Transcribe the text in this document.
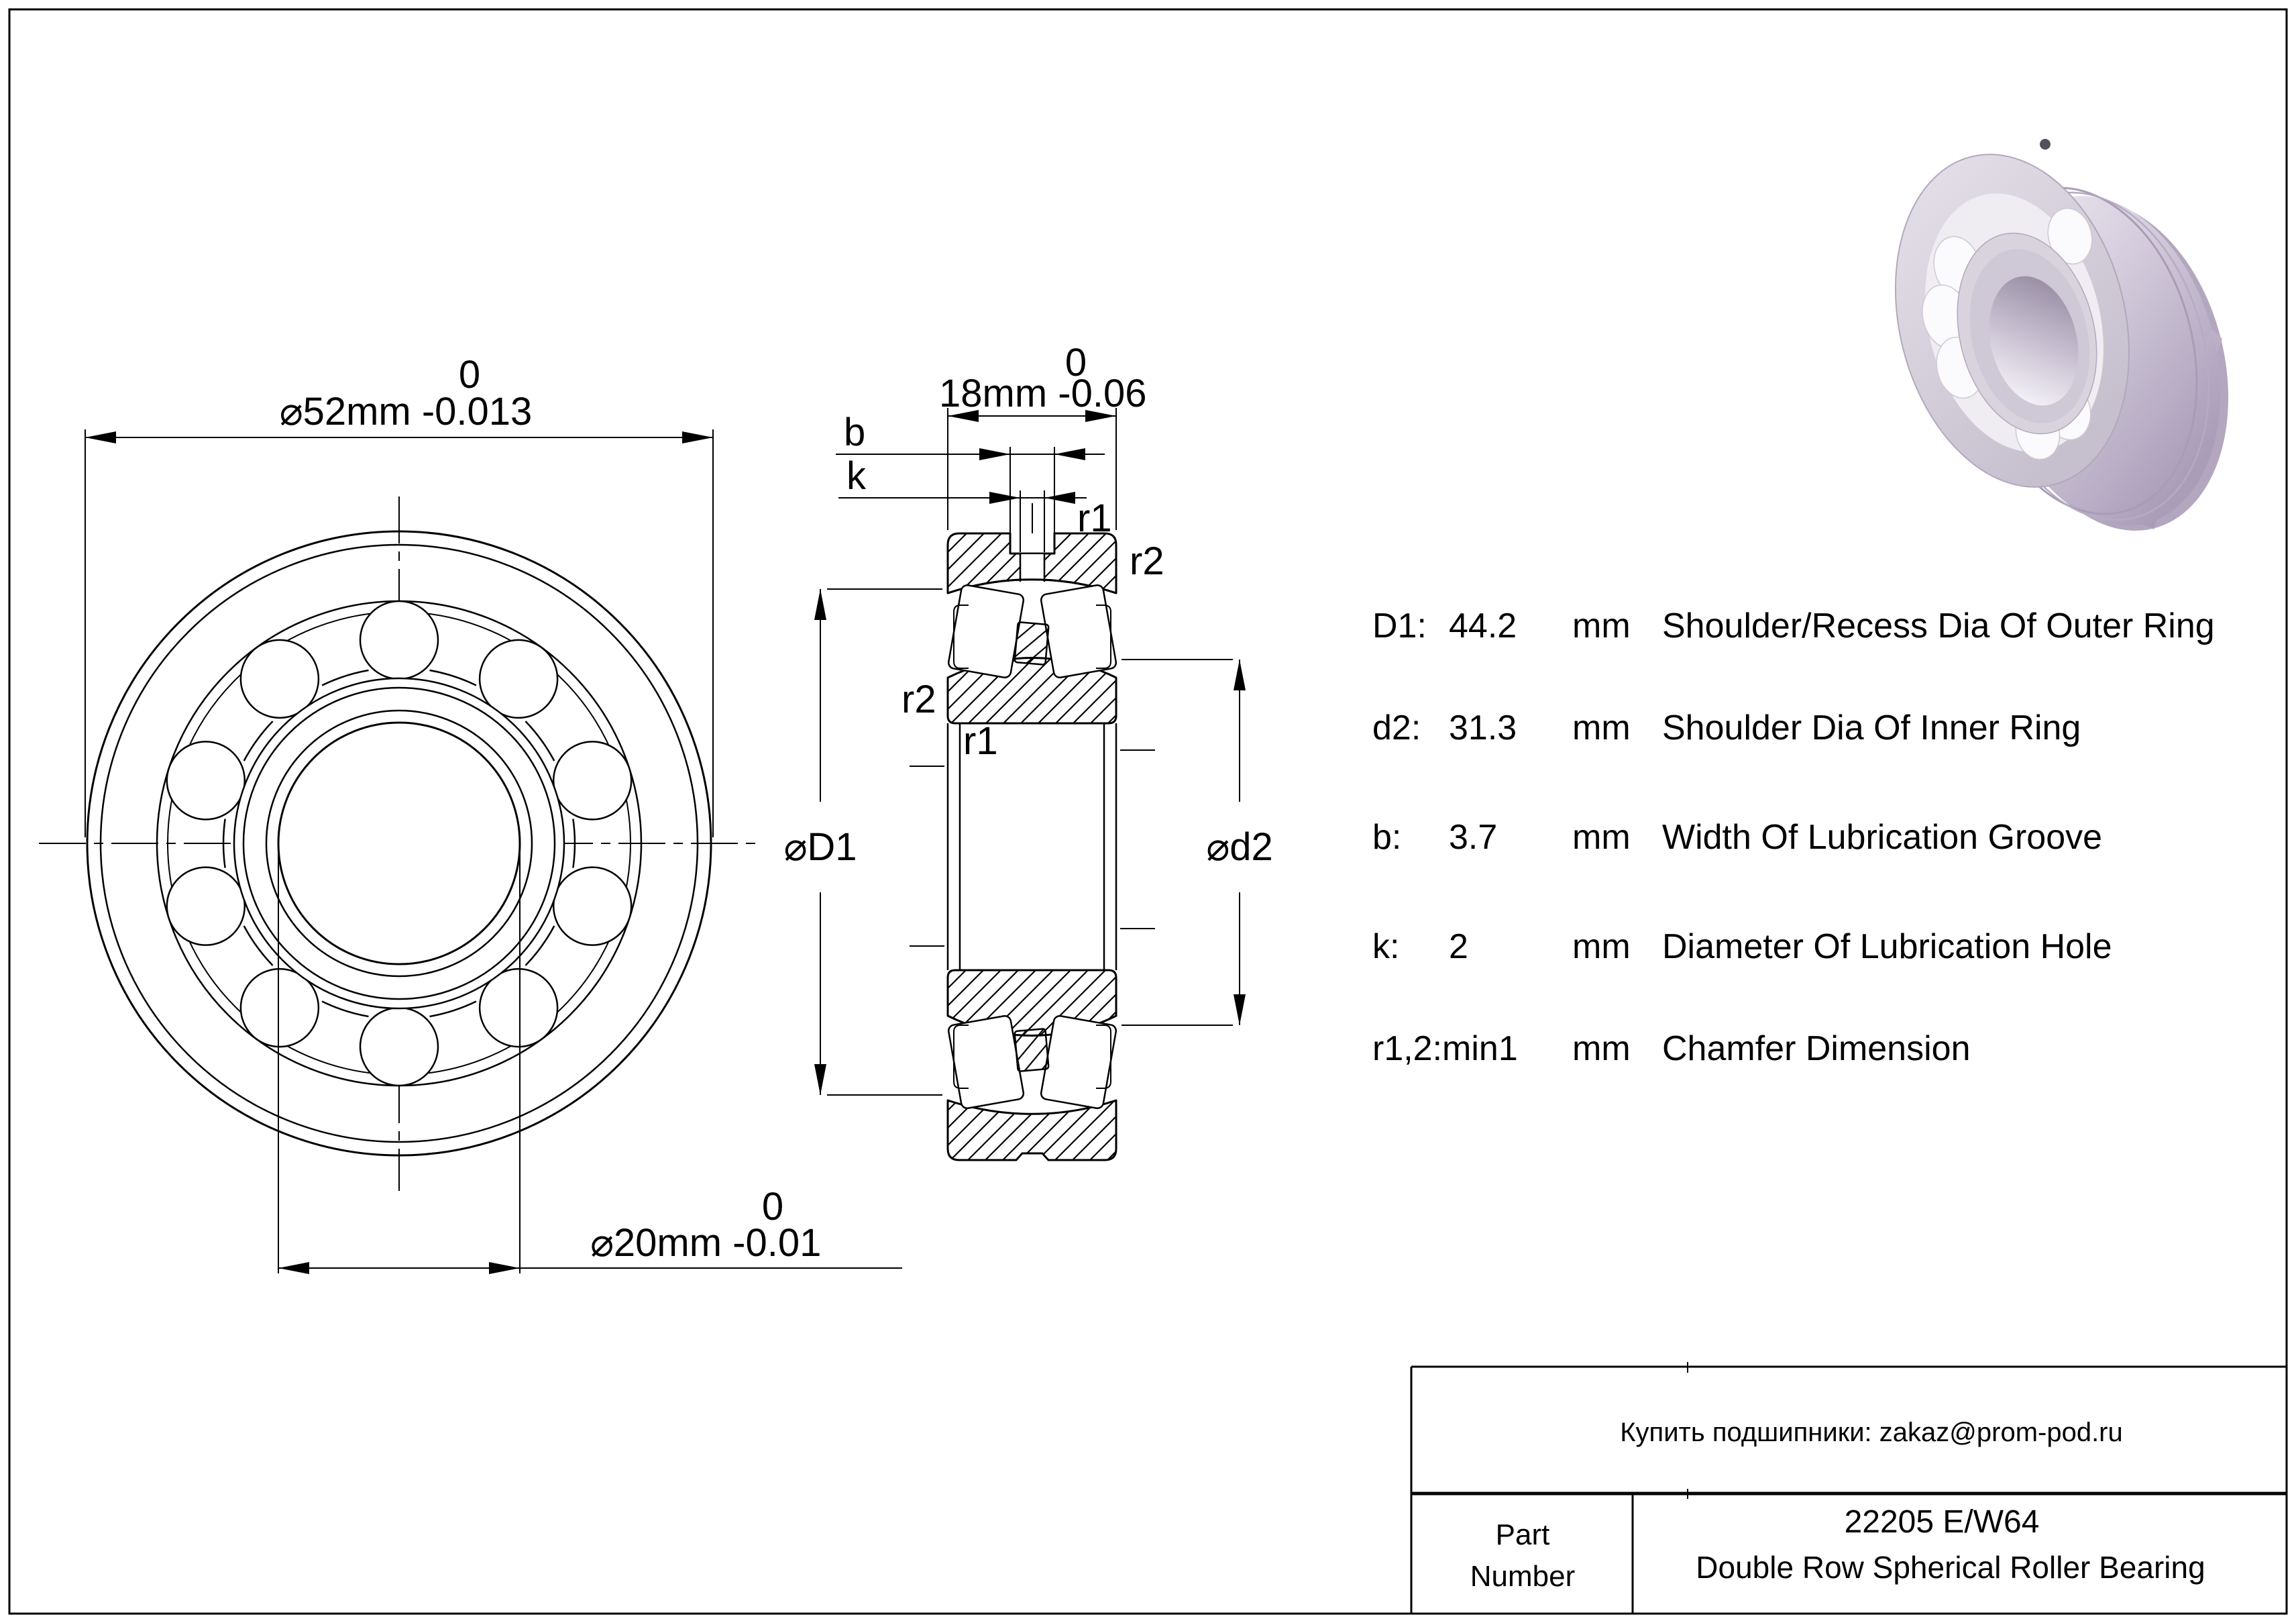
0
⌀52mm -0.013
0
⌀20mm -0.01
0
18mm -0.06
b
k
⌀D1	⌀d2
r1
r2
r2
r1
D1: 44.2 mm Shoulder/Recess Dia Of Outer Ring
d2: 31.3 mm Shoulder Dia Of Inner Ring
b: 3.7 mm Width Of Lubrication Groove
k: 2	mm Diameter Of Lubrication Hole
r1,2:min1 mm Chamfer Dimension
Купить подшипники: zakaz@prom-pod.ru
Part
Number
22205 E/W64
Double Row Spherical Roller Bearing
